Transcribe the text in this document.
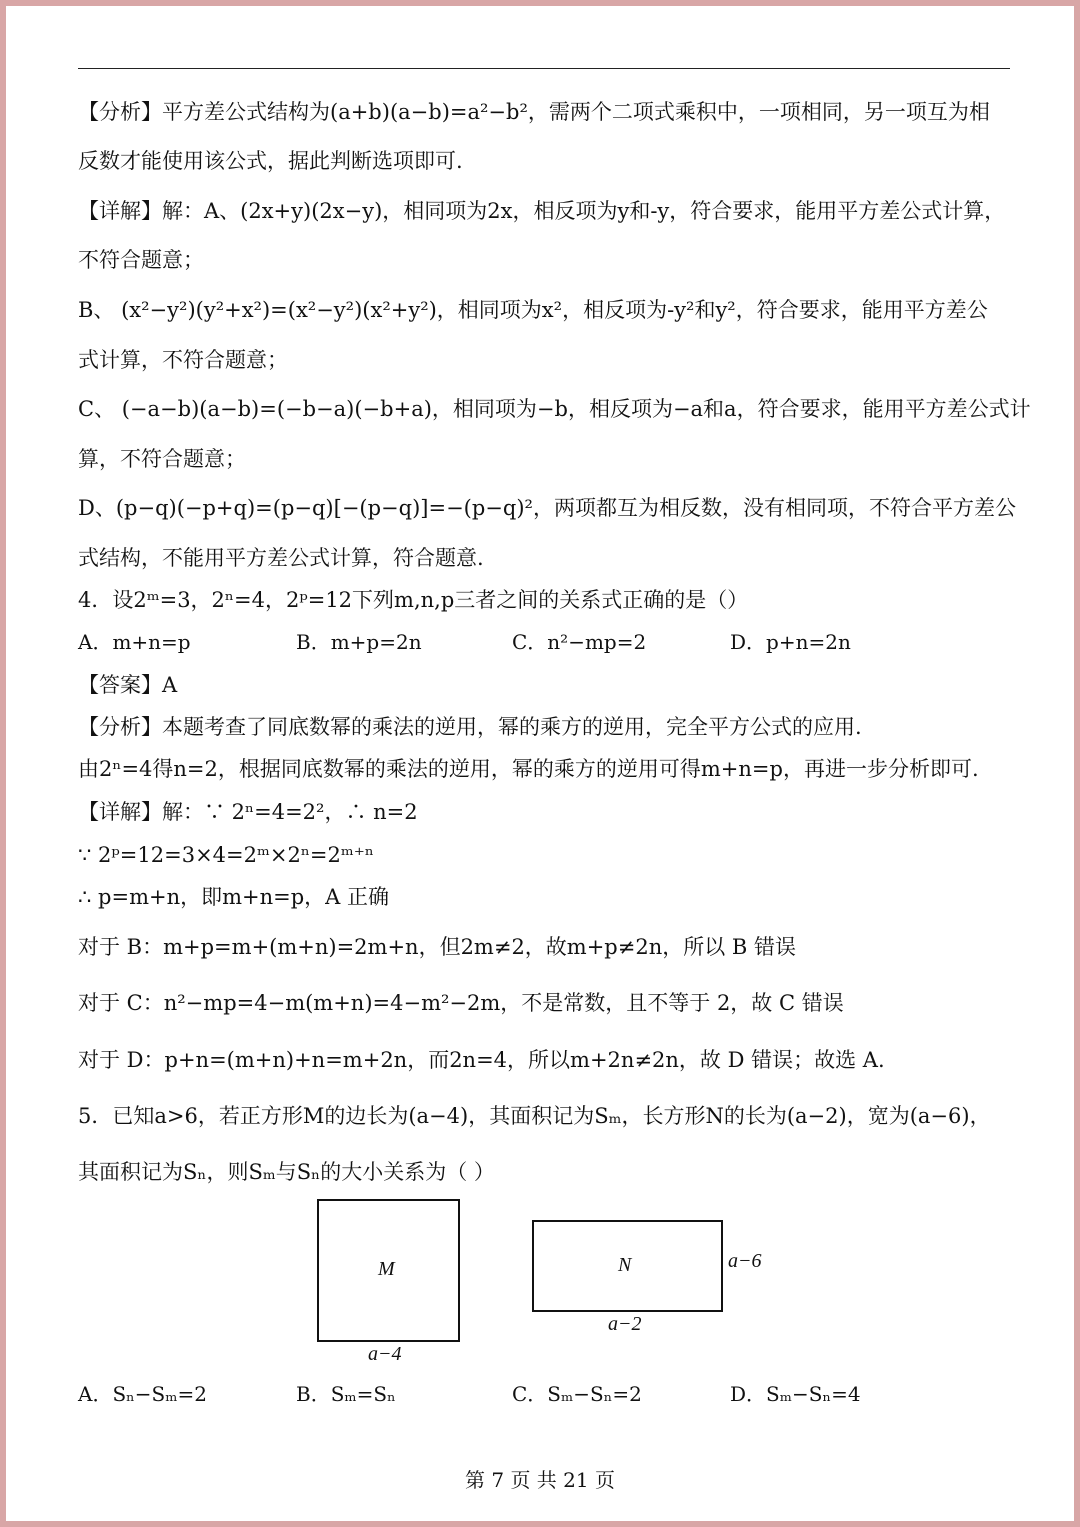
【分析】平方差公式结构为(a+b)(a−b)=a²−b²，需两个二项式乘积中，一项相同，另一项互为相
反数才能使用该公式，据此判断选项即可.
【详解】解：A、(2x+y)(2x−y)，相同项为2x，相反项为y和-y，符合要求，能用平方差公式计算，
不符合题意；
B、 (x²−y²)(y²+x²)=(x²−y²)(x²+y²)，相同项为x²，相反项为-y²和y²，符合要求，能用平方差公
式计算，不符合题意；
C、 (−a−b)(a−b)=(−b−a)(−b+a)，相同项为−b，相反项为−a和a，符合要求，能用平方差公式计
算，不符合题意；
D、(p−q)(−p+q)=(p−q)[−(p−q)]=−(p−q)²，两项都互为相反数，没有相同项，不符合平方差公
式结构，不能用平方差公式计算，符合题意.
4．设2ᵐ=3，2ⁿ=4，2ᵖ=12下列m,n,p三者之间的关系式正确的是（）
A．m+n=p	B．m+p=2n	C．n²−mp=2	D．p+n=2n
【答案】A
【分析】本题考查了同底数幂的乘法的逆用，幂的乘方的逆用，完全平方公式的应用.
由2ⁿ=4得n=2，根据同底数幂的乘法的逆用，幂的乘方的逆用可得m+n=p，再进一步分析即可.
【详解】解：∵ 2ⁿ=4=2²，∴ n=2
∵ 2ᵖ=12=3×4=2ᵐ×2ⁿ=2ᵐ⁺ⁿ
∴ p=m+n，即m+n=p，A 正确
对于 B：m+p=m+(m+n)=2m+n，但2m≠2，故m+p≠2n，所以 B 错误
对于 C：n²−mp=4−m(m+n)=4−m²−2m，不是常数，且不等于 2，故 C 错误
对于 D：p+n=(m+n)+n=m+2n，而2n=4，所以m+2n≠2n，故 D 错误；故选 A.
5．已知a>6，若正方形M的边长为(a−4)，其面积记为Sₘ，长方形N的长为(a−2)，宽为(a−6)，
其面积记为Sₙ，则Sₘ与Sₙ的大小关系为（ ）
M
a−4
N	a−6
a−2
A．Sₙ−Sₘ=2	B．Sₘ=Sₙ	C．Sₘ−Sₙ=2	D．Sₘ−Sₙ=4
第 7 页 共 21 页
